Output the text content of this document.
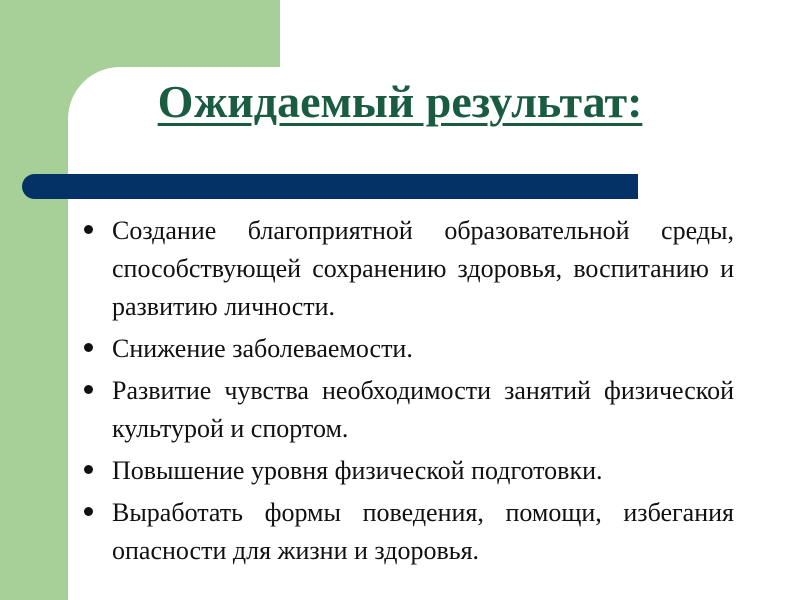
Ожидаемый результат:
Создание благоприятной образовательной среды, способствующей сохранению здоровья, воспитанию и развитию личности.
Снижение заболеваемости.
Развитие чувства необходимости занятий физической культурой и спортом.
Повышение уровня физической подготовки.
Выработать формы поведения, помощи, избегания опасности для жизни и здоровья.
